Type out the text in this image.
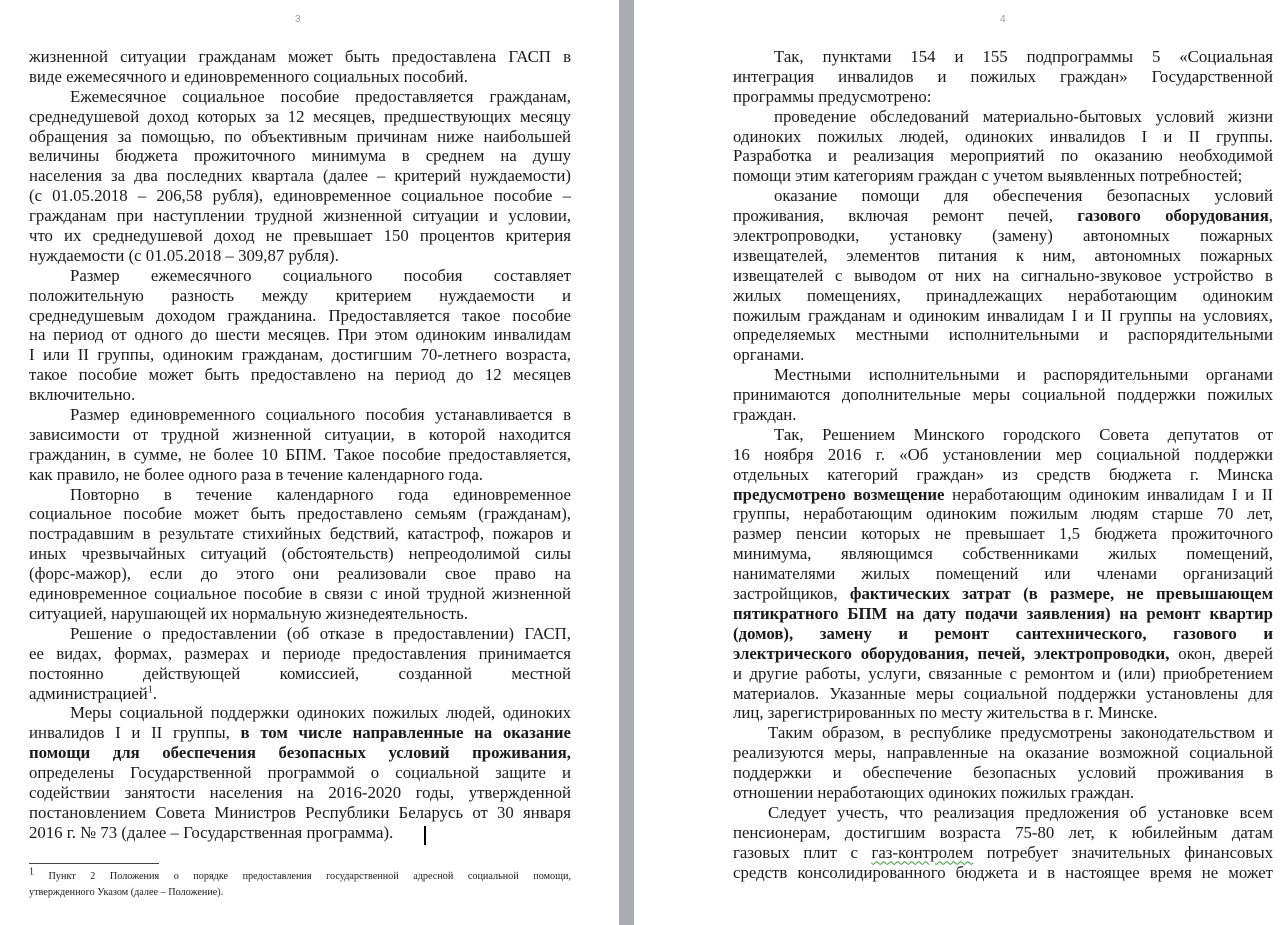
3
жизненной ситуации гражданам может быть предоставлена ГАСП в
виде ежемесячного и единовременного социальных пособий.
Ежемесячное социальное пособие предоставляется гражданам,
среднедушевой доход которых за 12 месяцев, предшествующих месяцу
обращения за помощью, по объективным причинам ниже наибольшей
величины бюджета прожиточного минимума в среднем на душу
населения за два последних квартала (далее – критерий нуждаемости)
(с 01.05.2018 – 206,58 рубля), единовременное социальное пособие –
гражданам при наступлении трудной жизненной ситуации и условии,
что их среднедушевой доход не превышает 150 процентов критерия
нуждаемости (с 01.05.2018 – 309,87 рубля).
Размер ежемесячного социального пособия составляет
положительную разность между критерием нуждаемости и
среднедушевым доходом гражданина. Предоставляется такое пособие
на период от одного до шести месяцев. При этом одиноким инвалидам
I или II группы, одиноким гражданам, достигшим 70-летнего возраста,
такое пособие может быть предоставлено на период до 12 месяцев
включительно.
Размер единовременного социального пособия устанавливается в
зависимости от трудной жизненной ситуации, в которой находится
гражданин, в сумме, не более 10 БПМ. Такое пособие предоставляется,
как правило, не более одного раза в течение календарного года.
Повторно в течение календарного года единовременное
социальное пособие может быть предоставлено семьям (гражданам),
пострадавшим в результате стихийных бедствий, катастроф, пожаров и
иных чрезвычайных ситуаций (обстоятельств) непреодолимой силы
(форс-мажор), если до этого они реализовали свое право на
единовременное социальное пособие в связи с иной трудной жизненной
ситуацией, нарушающей их нормальную жизнедеятельность.
Решение о предоставлении (об отказе в предоставлении) ГАСП,
ее видах, формах, размерах и периоде предоставления принимается
постоянно действующей комиссией, созданной местной
администрацией$^1$.
Меры социальной поддержки одиноких пожилых людей, одиноких
инвалидов I и II группы, в том числе направленные на оказание
помощи для обеспечения безопасных условий проживания,
определены Государственной программой о социальной защите и
содействии занятости населения на 2016-2020 годы, утвержденной
постановлением Совета Министров Республики Беларусь от 30 января
2016 г. № 73 (далее – Государственная программа).
$^1$ Пункт 2 Положения о порядке предоставления государственной адресной социальной помощи,
утвержденного Указом (далее – Положение).
4
Так, пунктами 154 и 155 подпрограммы 5 «Социальная
интеграция инвалидов и пожилых граждан» Государственной
программы предусмотрено:
проведение обследований материально-бытовых условий жизни
одиноких пожилых людей, одиноких инвалидов I и II группы.
Разработка и реализация мероприятий по оказанию необходимой
помощи этим категориям граждан с учетом выявленных потребностей;
оказание помощи для обеспечения безопасных условий
проживания, включая ремонт печей, газового оборудования,
электропроводки, установку (замену) автономных пожарных
извещателей, элементов питания к ним, автономных пожарных
извещателей с выводом от них на сигнально-звуковое устройство в
жилых помещениях, принадлежащих неработающим одиноким
пожилым гражданам и одиноким инвалидам I и II группы на условиях,
определяемых местными исполнительными и распорядительными
органами.
Местными исполнительными и распорядительными органами
принимаются дополнительные меры социальной поддержки пожилых
граждан.
Так, Решением Минского городского Совета депутатов от
16 ноября 2016 г. «Об установлении мер социальной поддержки
отдельных категорий граждан» из средств бюджета г. Минска
предусмотрено возмещение неработающим одиноким инвалидам I и II
группы, неработающим одиноким пожилым людям старше 70 лет,
размер пенсии которых не превышает 1,5 бюджета прожиточного
минимума, являющимся собственниками жилых помещений,
нанимателями жилых помещений или членами организаций
застройщиков, фактических затрат (в размере, не превышающем
пятикратного БПМ на дату подачи заявления) на ремонт квартир
(домов), замену и ремонт сантехнического, газового и
электрического оборудования, печей, электропроводки, окон, дверей
и другие работы, услуги, связанные с ремонтом и (или) приобретением
материалов. Указанные меры социальной поддержки установлены для
лиц, зарегистрированных по месту жительства в г. Минске.
Таким образом, в республике предусмотрены законодательством и
реализуются меры, направленные на оказание возможной социальной
поддержки и обеспечение безопасных условий проживания в
отношении неработающих одиноких пожилых граждан.
Следует учесть, что реализация предложения об установке всем
пенсионерам, достигшим возраста 75-80 лет, к юбилейным датам
газовых плит с газ-контролем потребует значительных финансовых
средств консолидированного бюджета и в настоящее время не может
